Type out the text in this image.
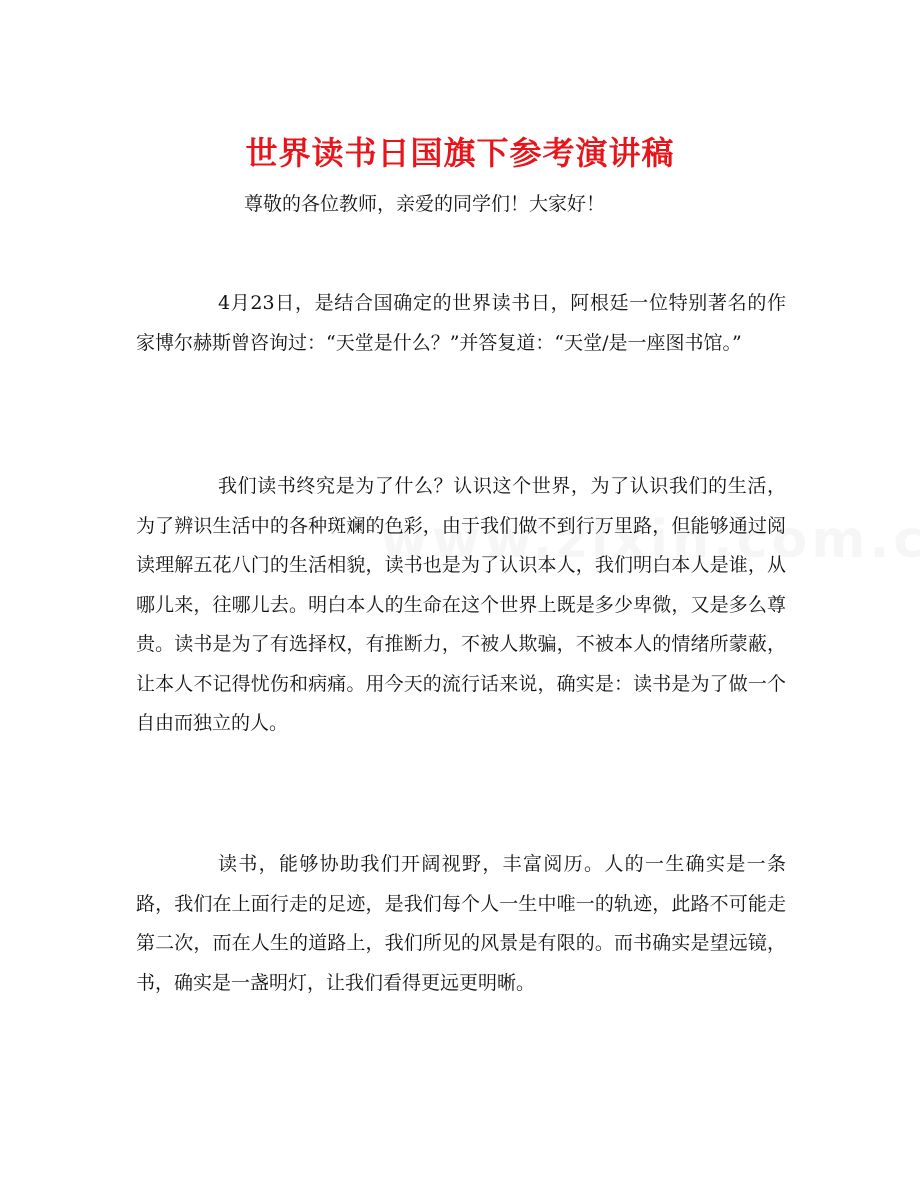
世界读书日国旗下参考演讲稿

尊敬的各位教师，亲爱的同学们！大家好！

4月23日，是结合国确定的世界读书日，阿根廷一位特别著名的作家博尔赫斯曾咨询过：“天堂是什么？”并答复道：“天堂/是一座图书馆。”

我们读书终究是为了什么？认识这个世界，为了认识我们的生活，为了辨识生活中的各种斑斓的色彩，由于我们做不到行万里路，但能够通过阅读理解五花八门的生活相貌，读书也是为了认识本人，我们明白本人是谁，从哪儿来，往哪儿去。明白本人的生命在这个世界上既是多少卑微，又是多么尊贵。读书是为了有选择权，有推断力，不被人欺骗，不被本人的情绪所蒙蔽，让本人不记得忧伤和病痛。用今天的流行话来说，确实是：读书是为了做一个自由而独立的人。

读书，能够协助我们开阔视野，丰富阅历。人的一生确实是一条路，我们在上面行走的足迹，是我们每个人一生中唯一的轨迹，此路不可能走第二次，而在人生的道路上，我们所见的风景是有限的。而书确实是望远镜，书，确实是一盏明灯，让我们看得更远更明晰。
